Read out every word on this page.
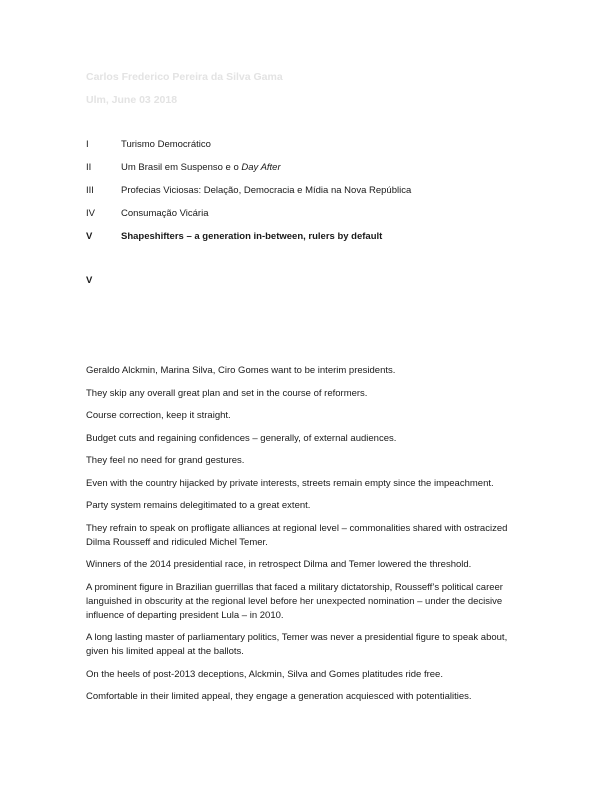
Carlos Frederico Pereira da Silva Gama
Ulm, June 03 2018
I	Turismo Democrático
II	Um Brasil em Suspenso e o Day After
III	Profecias Viciosas: Delação, Democracia e Mídia na Nova República
IV	Consumação Vicária
V	Shapeshifters – a generation in-between, rulers by default
V

Geraldo Alckmin, Marina Silva, Ciro Gomes want to be interim presidents.

They skip any overall great plan and set in the course of reformers.

Course correction, keep it straight.

Budget cuts and regaining confidences – generally, of external audiences.

They feel no need for grand gestures.

Even with the country hijacked by private interests, streets remain empty since the impeachment.

Party system remains delegitimated to a great extent.

They refrain to speak on profligate alliances at regional level – commonalities shared with ostracized Dilma Rousseff and ridiculed Michel Temer.

Winners of the 2014 presidential race, in retrospect Dilma and Temer lowered the threshold.

A prominent figure in Brazilian guerrillas that faced a military dictatorship, Rousseff’s political career languished in obscurity at the regional level before her unexpected nomination – under the decisive influence of departing president Lula – in 2010.

A long lasting master of parliamentary politics, Temer was never a presidential figure to speak about, given his limited appeal at the ballots.

On the heels of post-2013 deceptions, Alckmin, Silva and Gomes platitudes ride free.

Comfortable in their limited appeal, they engage a generation acquiesced with potentialities.
